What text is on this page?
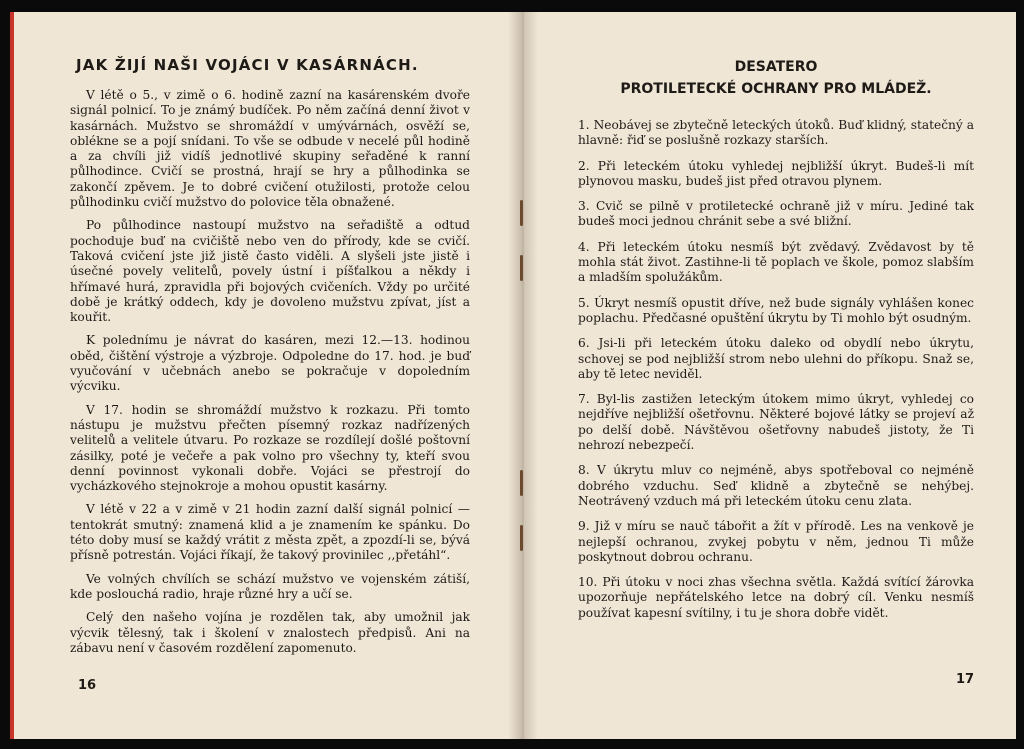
JAK ŽIJÍ NAŠI VOJÁCI V KASÁRNÁCH.

V létě o 5., v zimě o 6. hodině zazní na kasárenském dvoře signál polnicí. To je známý budíček. Po něm začíná denní život v kasárnách. Mužstvo se shromáždí v umývárnách, osvěží se, oblékne se a pojí snídani. To vše se odbude v necelé půl hodině a za chvíli již vidíš jednotlivé skupiny seřaděné k ranní půlhodince. Cvičí se prostná, hrají se hry a půlhodinka se zakončí zpěvem. Je to dobré cvičení otužilosti, protože celou půlhodinku cvičí mužstvo do polovice těla obnažené.

Po půlhodince nastoupí mužstvo na seřadiště a odtud pochoduje buď na cvičiště nebo ven do přírody, kde se cvičí. Taková cvičení jste již jistě často viděli. A slyšeli jste jistě i úsečné povely velitelů, povely ústní i píšťalkou a někdy i hřímavé hurá, zpravidla při bojových cvičeních. Vždy po určité době je krátký oddech, kdy je dovoleno mužstvu zpívat, jíst a kouřit.

K polednímu je návrat do kasáren, mezi 12.—13. hodinou oběd, čištění výstroje a výzbroje. Odpoledne do 17. hod. je buď vyučování v učebnách anebo se pokračuje v dopoledním výcviku.

V 17. hodin se shromáždí mužstvo k rozkazu. Při tomto nástupu je mužstvu přečten písemný rozkaz nadřízených velitelů a velitele útvaru. Po rozkaze se rozdílejí došlé poštovní zásilky, poté je večeře a pak volno pro všechny ty, kteří svou denní povinnost vykonali dobře. Vojáci se přestrojí do vycházkového stejnokroje a mohou opustit kasárny.

V létě v 22 a v zimě v 21 hodin zazní další signál polnicí — tentokrát smutný: znamená klid a je znamením ke spánku. Do této doby musí se každý vrátit z města zpět, a zpozdí-li se, bývá přísně potrestán. Vojáci říkají, že takový provinilec ,,přetáhl“.

Ve volných chvílích se schází mužstvo ve vojenském zátiší, kde poslouchá radio, hraje různé hry a učí se.

Celý den našeho vojína je rozdělen tak, aby umožnil jak výcvik tělesný, tak i školení v znalostech předpisů. Ani na zábavu není v časovém rozdělení zapomenuto.

DESATERO
PROTILETECKÉ OCHRANY PRO MLÁDEŽ.

1. Neobávej se zbytečně leteckých útoků. Buď klidný, statečný a hlavně: řiď se poslušně rozkazy starších.

2. Při leteckém útoku vyhledej nejbližší úkryt. Budeš-li mít plynovou masku, budeš jist před otravou plynem.

3. Cvič se pilně v protiletecké ochraně již v míru. Jediné tak budeš moci jednou chránit sebe a své bližní.

4. Při leteckém útoku nesmíš být zvědavý. Zvědavost by tě mohla stát život. Zastihne-li tě poplach ve škole, pomoz slabším a mladším spolužákům.

5. Úkryt nesmíš opustit dříve, než bude signály vyhlášen konec poplachu. Předčasné opuštění úkrytu by Ti mohlo být osudným.

6. Jsi-li při leteckém útoku daleko od obydlí nebo úkrytu, schovej se pod nejbližší strom nebo ulehni do příkopu. Snaž se, aby tě letec neviděl.

7. Byl-lis zastižen leteckým útokem mimo úkryt, vyhledej co nejdříve nejbližší ošetřovnu. Některé bojové látky se projeví až po delší době. Návštěvou ošetřovny nabudeš jistoty, že Ti nehrozí nebezpečí.

8. V úkrytu mluv co nejméně, abys spotřeboval co nejméně dobrého vzduchu. Seď klidně a zbytečně se nehýbej. Neotrávený vzduch má při leteckém útoku cenu zlata.

9. Již v míru se nauč tábořit a žít v přírodě. Les na venkově je nejlepší ochranou, zvykej pobytu v něm, jednou Ti může poskytnout dobrou ochranu.

10. Při útoku v noci zhas všechna světla. Každá svítící žárovka upozorňuje nepřátelského letce na dobrý cíl. Venku nesmíš používat kapesní svítilny, i tu je shora dobře vidět.

16	17
